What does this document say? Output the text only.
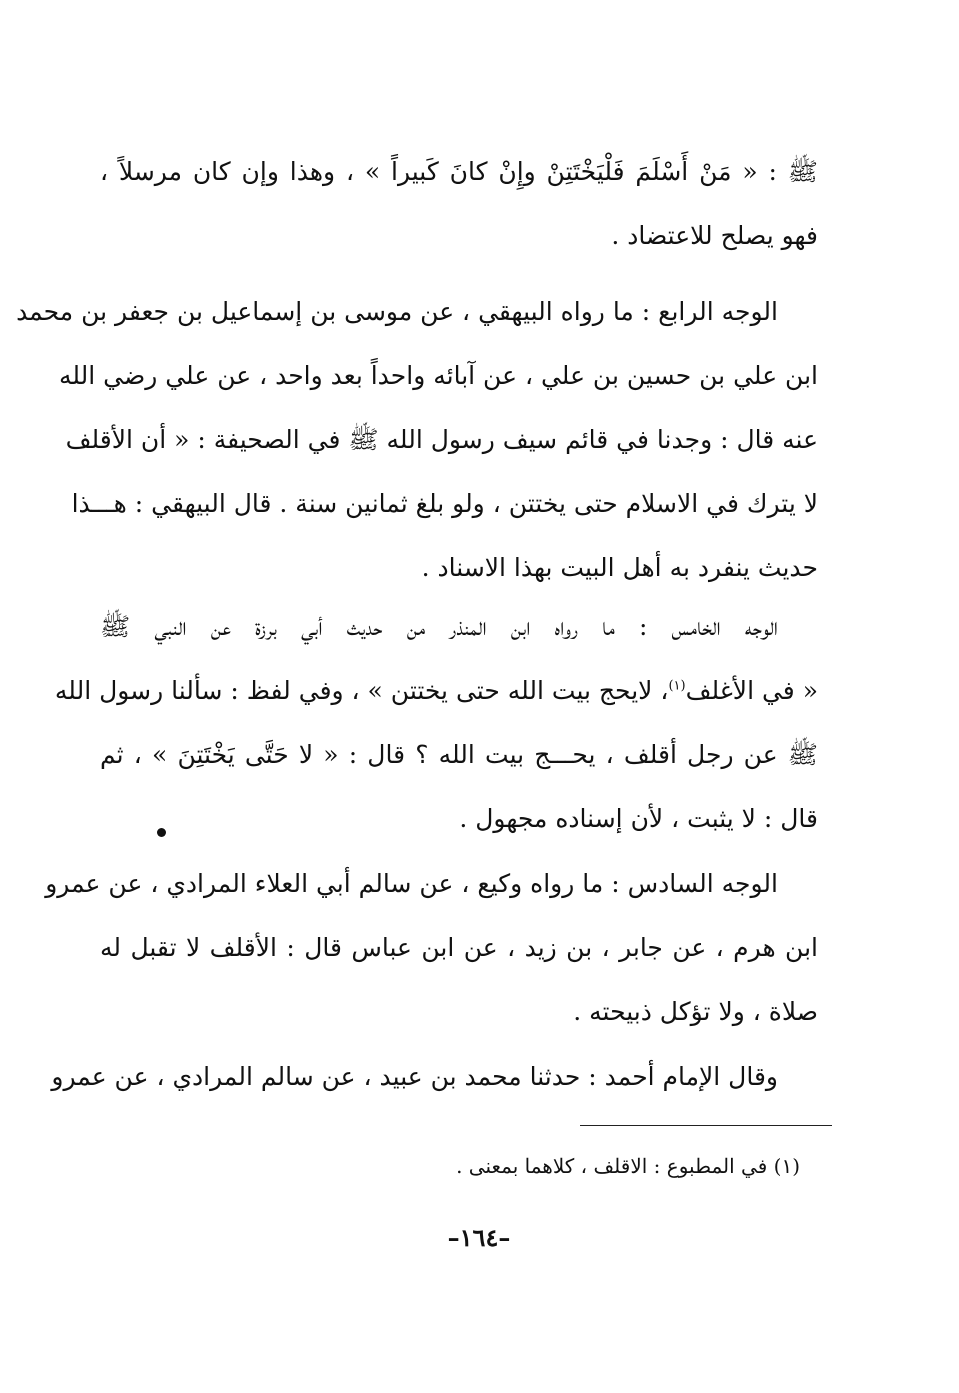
ﷺ : « مَنْ أَسْلَمَ فَلْيَخْتَتِنْ وإِنْ كانَ كَبيراً » ، وهذا وإن كان مرسلاً ،
فهو يصلح للاعتضاد .
الوجه الرابع : ما رواه البيهقي ، عن موسى بن إسماعيل بن جعفر بن محمد
ابن علي بن حسين بن علي ، عن آبائه واحداً بعد واحد ، عن علي رضي الله
عنه قال : وجدنا في قائم سيف رسول الله ﷺ في الصحيفة : « أن الأقلف
لا يترك في الاسلام حتى يختتن ، ولو بلغ ثمانين سنة . قال البيهقي : هـــذا
حديث ينفرد به أهل البيت بهذا الاسناد .
الوجه الخامس : ما رواه ابن المنذر من حديث أبي برزة عن النبي ﷺ
« في الأغلف$^{(١)}$، لايحج بيت الله حتى يختتن » ، وفي لفظ : سألنا رسول الله
ﷺ عن رجل أقلف ، يحـــج بيت الله ؟ قال : « لا حَتَّى يَخْتَتِنَ » ، ثم
قال : لا يثبت ، لأن إسناده مجهول .
الوجه السادس : ما رواه وكيع ، عن سالم أبي العلاء المرادي ، عن عمرو
ابن هرم ، عن جابر ، بن زيد ، عن ابن عباس قال : الأقلف لا تقبل له
صلاة ، ولا تؤكل ذبيحته .
وقال الإمام أحمد : حدثنا محمد بن عبيد ، عن سالم المرادي ، عن عمرو
(١) في المطبوع : الاقلف ، كلاهما بمعنى .
–١٦٤–
